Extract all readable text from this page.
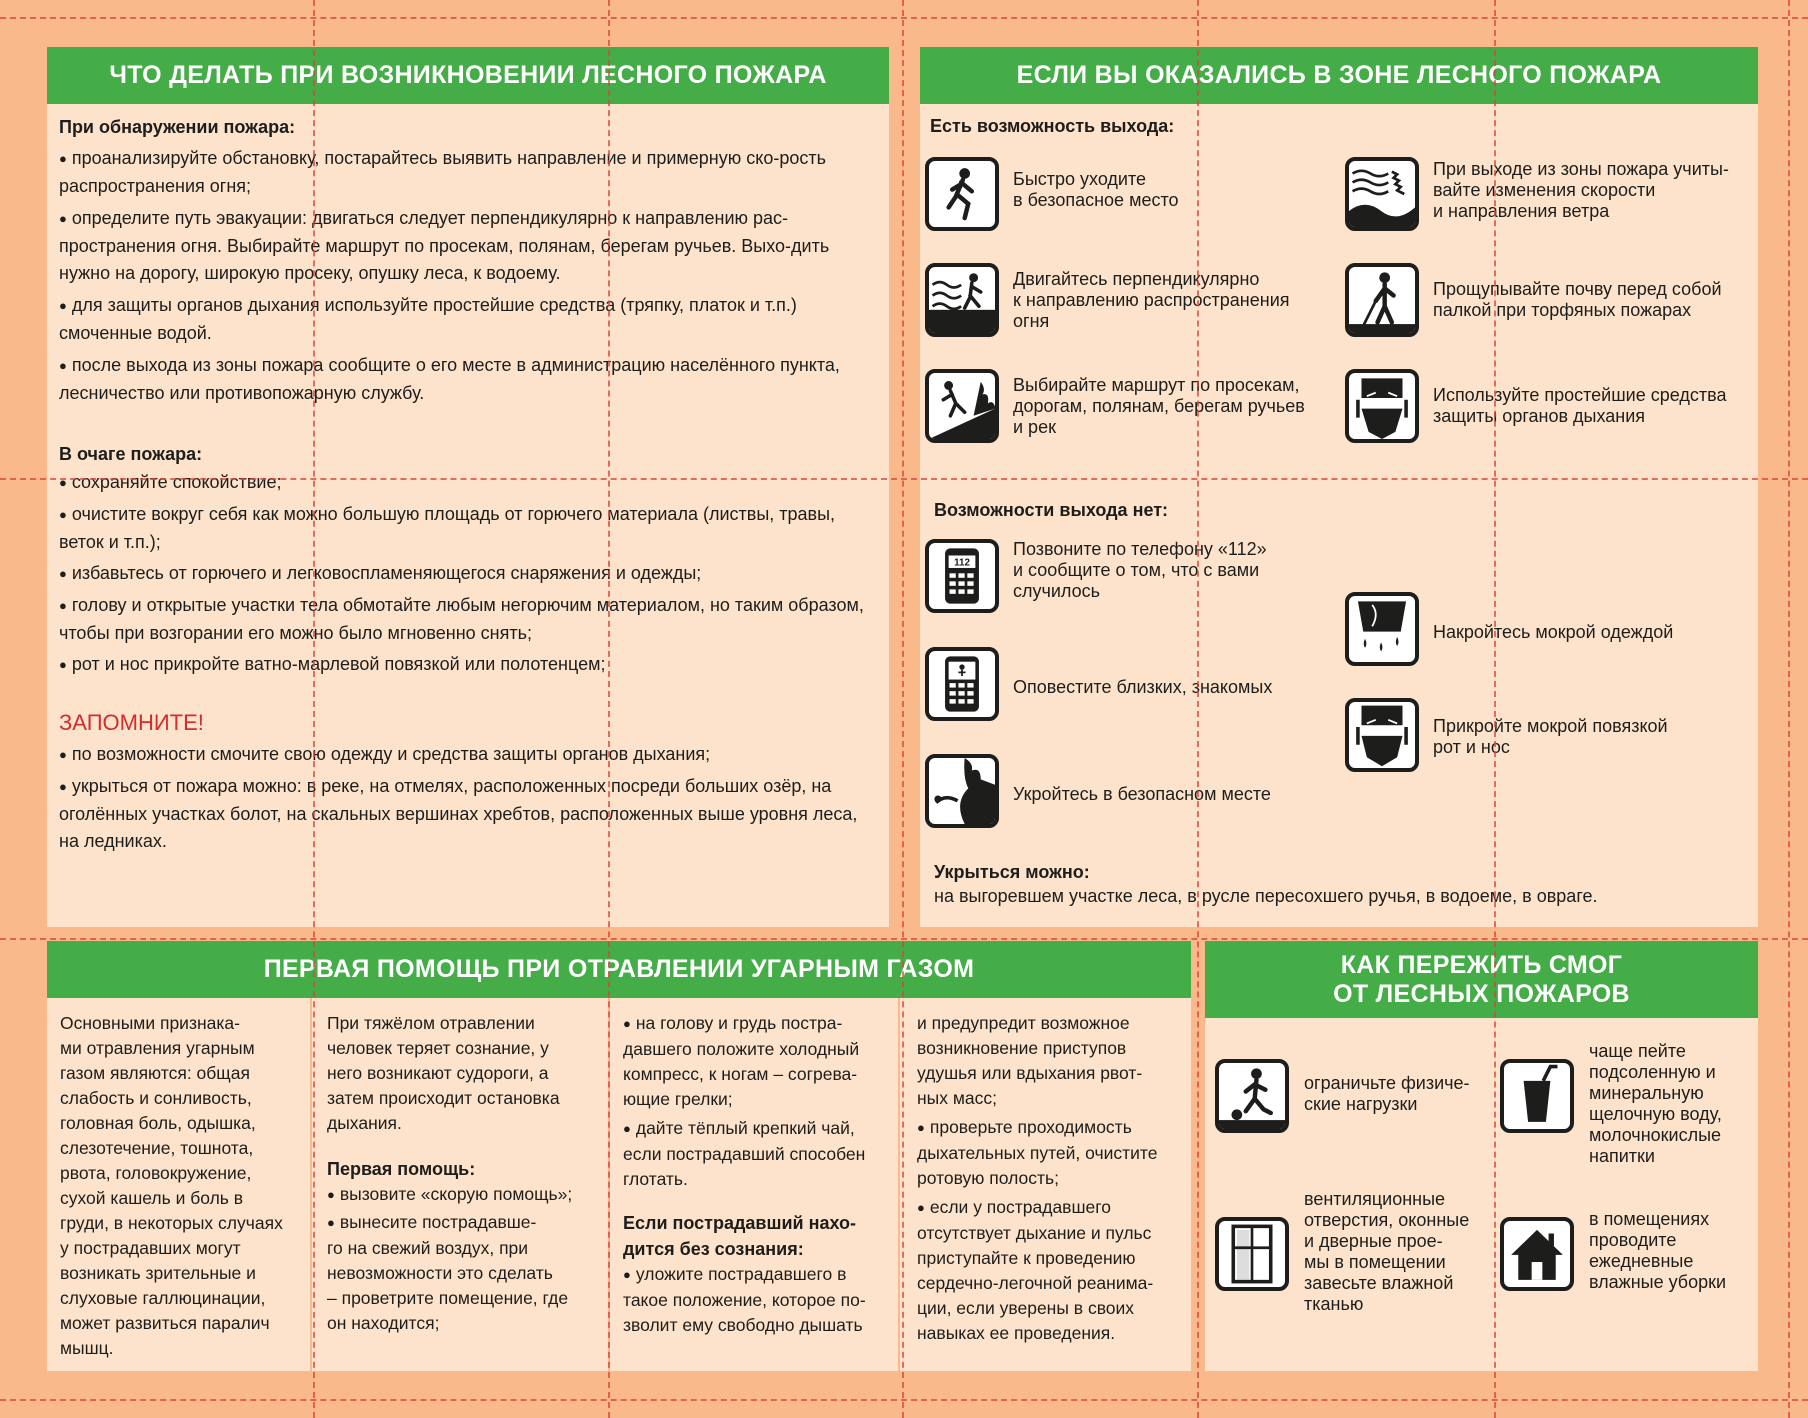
ЧТО ДЕЛАТЬ ПРИ ВОЗНИКНОВЕНИИ ЛЕСНОГО ПОЖАРА
При обнаружении пожара:
● проанализируйте обстановку, постарайтесь выявить направление и примерную ско-рость распространения огня;
● определите путь эвакуации: двигаться следует перпендикулярно к направлению рас-пространения огня. Выбирайте маршрут по просекам, полянам, берегам ручьев. Выхо-дить нужно на дорогу, широкую просеку, опушку леса, к водоему.
● для защиты органов дыхания используйте простейшие средства (тряпку, платок и т.п.) смоченные водой.
● после выхода из зоны пожара сообщите о его месте в администрацию населённого пункта, лесничество или противопожарную службу.
В очаге пожара:
● сохраняйте спокойствие;
● очистите вокруг себя как можно большую площадь от горючего материала (листвы, травы, веток и т.п.);
● избавьтесь от горючего и легковоспламеняющегося снаряжения и одежды;
● голову и открытые участки тела обмотайте любым негорючим материалом, но таким образом, чтобы при возгорании его можно было мгновенно снять;
● рот и нос прикройте ватно-марлевой повязкой или полотенцем;
ЗАПОМНИТЕ!
● по возможности смочите свою одежду и средства защиты органов дыхания;
● укрыться от пожара можно: в реке, на отмелях, расположенных посреди больших озёр, на оголённых участках болот, на скальных вершинах хребтов, расположенных выше уровня леса, на ледниках.
ЕСЛИ ВЫ ОКАЗАЛИСЬ В ЗОНЕ ЛЕСНОГО ПОЖАРА
Есть возможность выхода:
Возможности выхода нет:
Укрыться можно:
на выгоревшем участке леса, в русле пересохшего ручья, в водоеме, в овраге.
Быстро уходите
в безопасное место
Двигайтесь перпендикулярно
к направлению распространения
огня
Выбирайте маршрут по просекам,
дорогам, полянам, берегам ручьев
и рек
При выходе из зоны пожара учиты-
вайте изменения скорости
и направления ветра
Прощупывайте почву перед собой
палкой при торфяных пожарах
Используйте простейшие средства
защиты органов дыхания
112
Позвоните по телефону «112»
и сообщите о том, что с вами
случилось
Оповестите близких, знакомых
Укройтесь в безопасном месте
Накройтесь мокрой одеждой
Прикройте мокрой повязкой
рот и нос
ПЕРВАЯ ПОМОЩЬ ПРИ ОТРАВЛЕНИИ УГАРНЫМ ГАЗОМ
Основными признака-
ми отравления угарным
газом являются: общая
слабость и сонливость,
головная боль, одышка,
слезотечение, тошнота,
рвота, головокружение,
сухой кашель и боль в
груди, в некоторых случаях
у пострадавших могут
возникать зрительные и
слуховые галлюцинации,
может развиться паралич
мышц.
При тяжёлом отравлении
человек теряет сознание, у
него возникают судороги, а
затем происходит остановка
дыхания.
Первая помощь:
● вызовите «скорую помощь»;
● вынесите пострадавше-
го на свежий воздух, при
невозможности это сделать
– проветрите помещение, где
он находится;
● на голову и грудь постра-
давшего положите холодный
компресс, к ногам – согрева-
ющие грелки;
● дайте тёплый крепкий чай,
если пострадавший способен
глотать.
Если пострадавший нахо-
дится без сознания:
● уложите пострадавшего в
такое положение, которое по-
зволит ему свободно дышать
и предупредит возможное
возникновение приступов
удушья или вдыхания рвот-
ных масс;
● проверьте проходимость
дыхательных путей, очистите
ротовую полость;
● если у пострадавшего
отсутствует дыхание и пульс
приступайте к проведению
сердечно-легочной реанима-
ции, если уверены в своих
навыках ее проведения.
КАК ПЕРЕЖИТЬ СМОГ
ОТ ЛЕСНЫХ ПОЖАРОВ
ограничьте физиче-
ские нагрузки
чаще пейте
подсоленную и
минеральную
щелочную воду,
молочнокислые
напитки
вентиляционные
отверстия, оконные
и дверные прое-
мы в помещении
завесьте влажной
тканью
в помещениях
проводите
ежедневные
влажные уборки
